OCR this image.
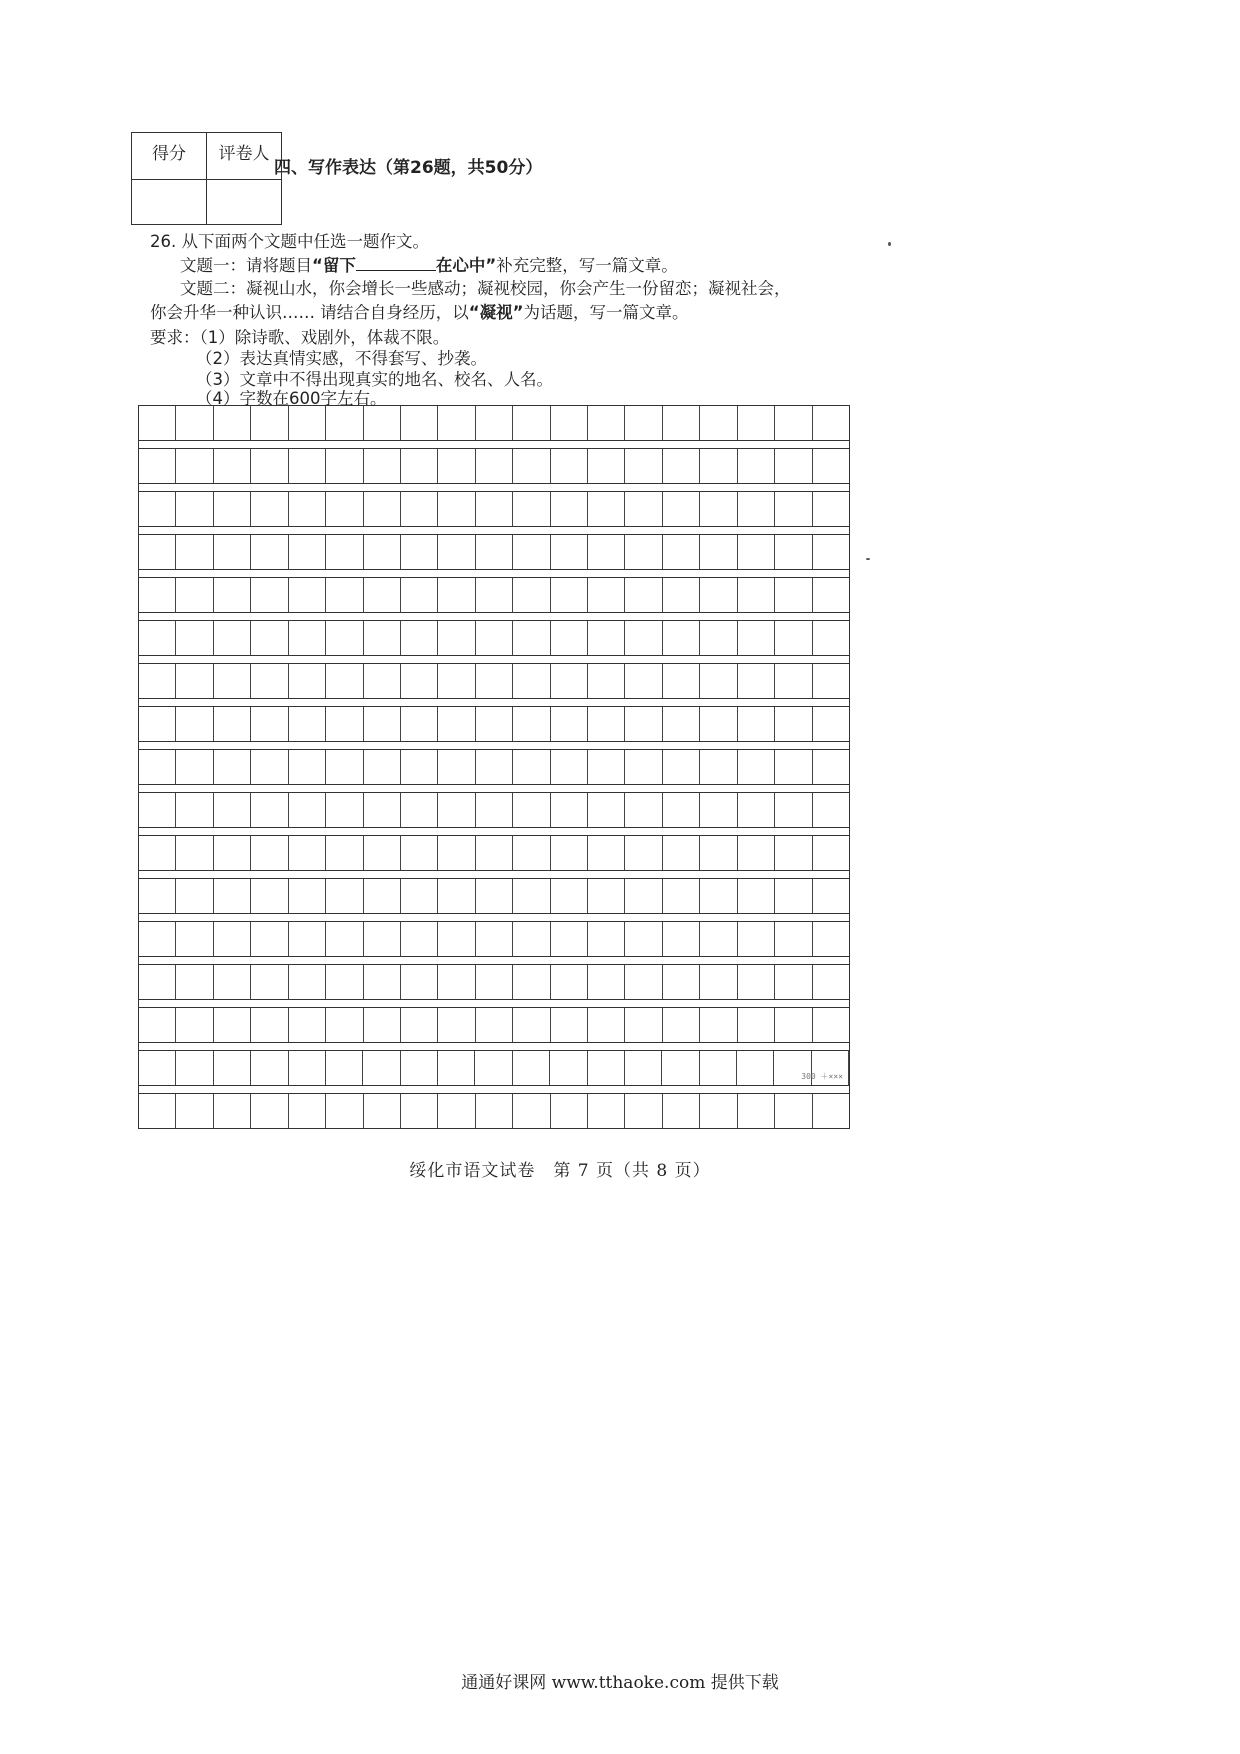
得分	评卷人

四、写作表达（第26题，共50分）
26. 从下面两个文题中任选一题作文。
文题一：请将题目“留下	在心中”补充完整，写一篇文章。
文题二：凝视山水，你会增长一些感动；凝视校园，你会产生一份留恋；凝视社会，
你会升华一种认识…… 请结合自身经历，以“凝视”为话题，写一篇文章。
要求：（1）除诗歌、戏剧外，体裁不限。
（2）表达真情实感，不得套写、抄袭。
（3）文章中不得出现真实的地名、校名、人名。
300 ＋×××
（4）字数在600字左右。
绥化市语文试卷　第 7 页（共 8 页）
通通好课网 www.tthaoke.com 提供下载
